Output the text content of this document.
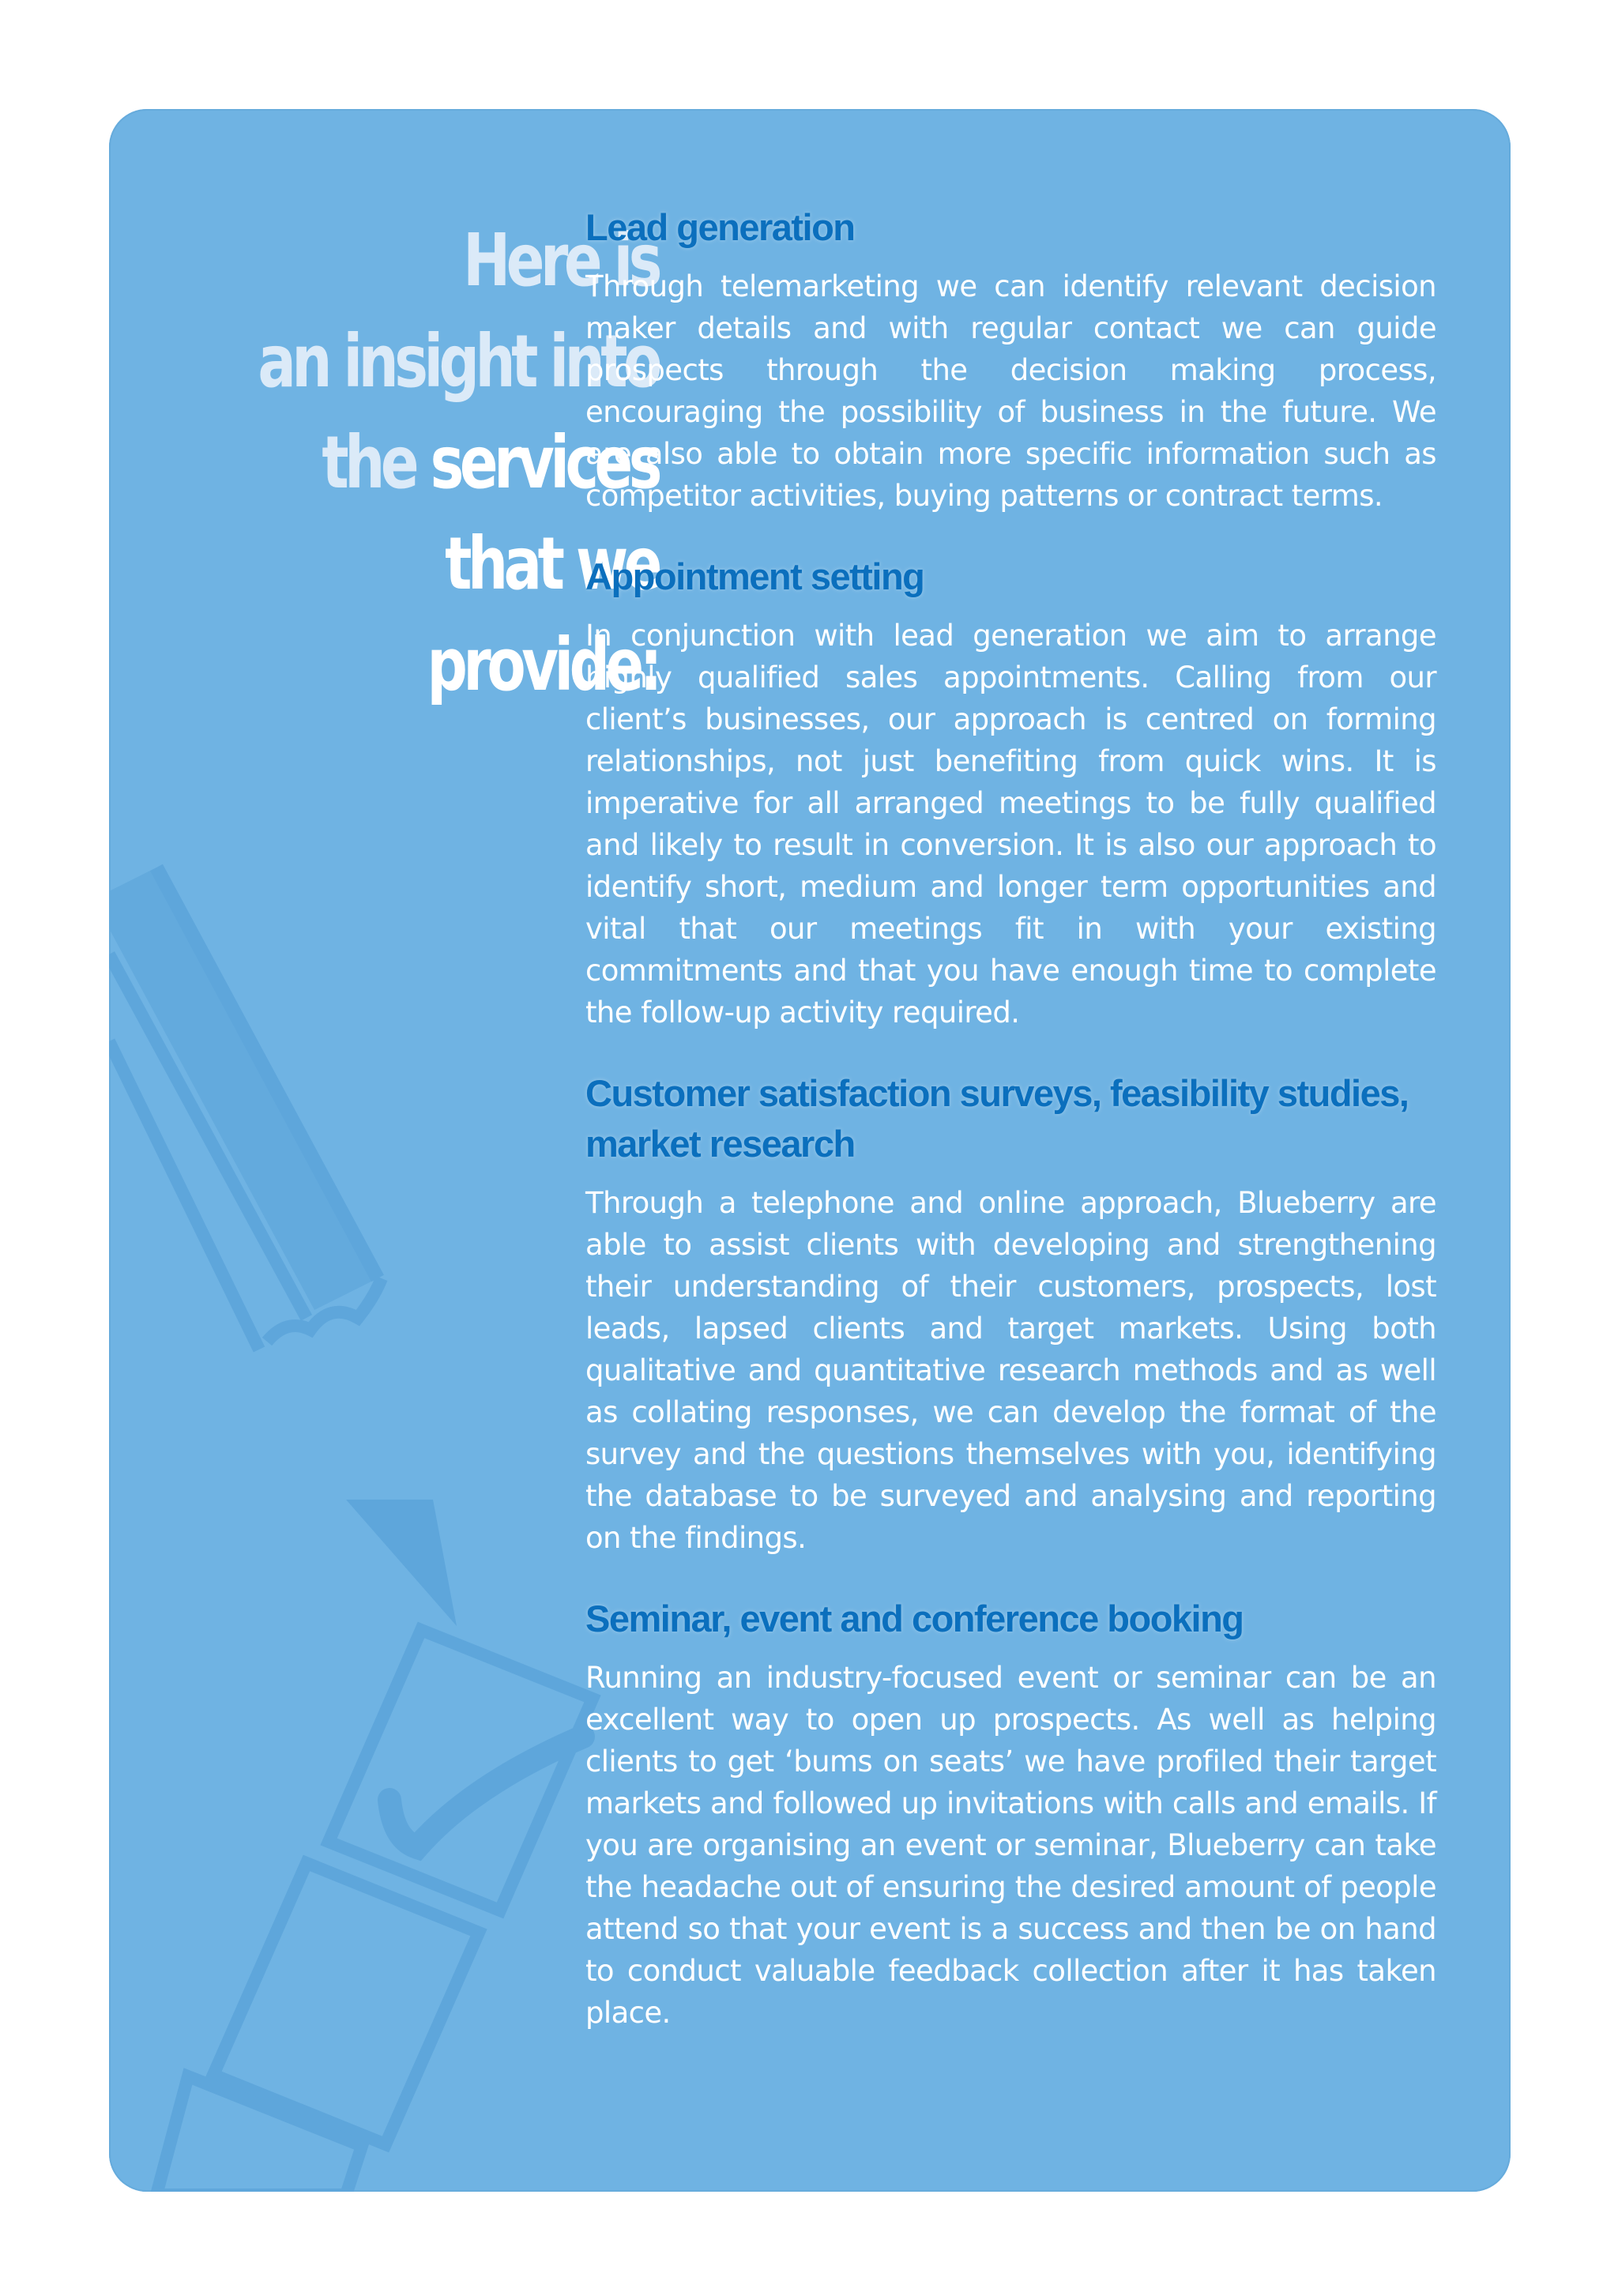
Here is
an insight into
the services
that we
provide:
Lead generation

Through telemarketing we can identify relevant decision maker details and with regular contact we can guide prospects through the decision making process, encouraging the possibility of business in the future. We are also able to obtain more specific information such as competitor activities, buying patterns or contract terms.

Appointment setting

In conjunction with lead generation we aim to arrange highly qualified sales appointments. Calling from our client’s businesses, our approach is centred on forming relationships, not just benefiting from quick wins. It is imperative for all arranged meetings to be fully qualified and likely to result in conversion. It is also our approach to identify short, medium and longer term opportunities and vital that our meetings fit in with your existing commitments and that you have enough time to complete the follow-up activity required.

Customer satisfaction surveys, feasibility studies, market research

Through a telephone and online approach, Blueberry are able to assist clients with developing and strengthening their understanding of their customers, prospects, lost leads, lapsed clients and target markets. Using both qualitative and quantitative research methods and as well as collating responses, we can develop the format of the survey and the questions themselves with you, identifying the database to be surveyed and analysing and reporting on the findings.

Seminar, event and conference booking

Running an industry-focused event or seminar can be an excellent way to open up prospects. As well as helping clients to get ‘bums on seats’ we have profiled their target markets and followed up invitations with calls and emails. If you are organising an event or seminar, Blueberry can take the headache out of ensuring the desired amount of people attend so that your event is a success and then be on hand to conduct valuable feedback collection after it has taken place.
